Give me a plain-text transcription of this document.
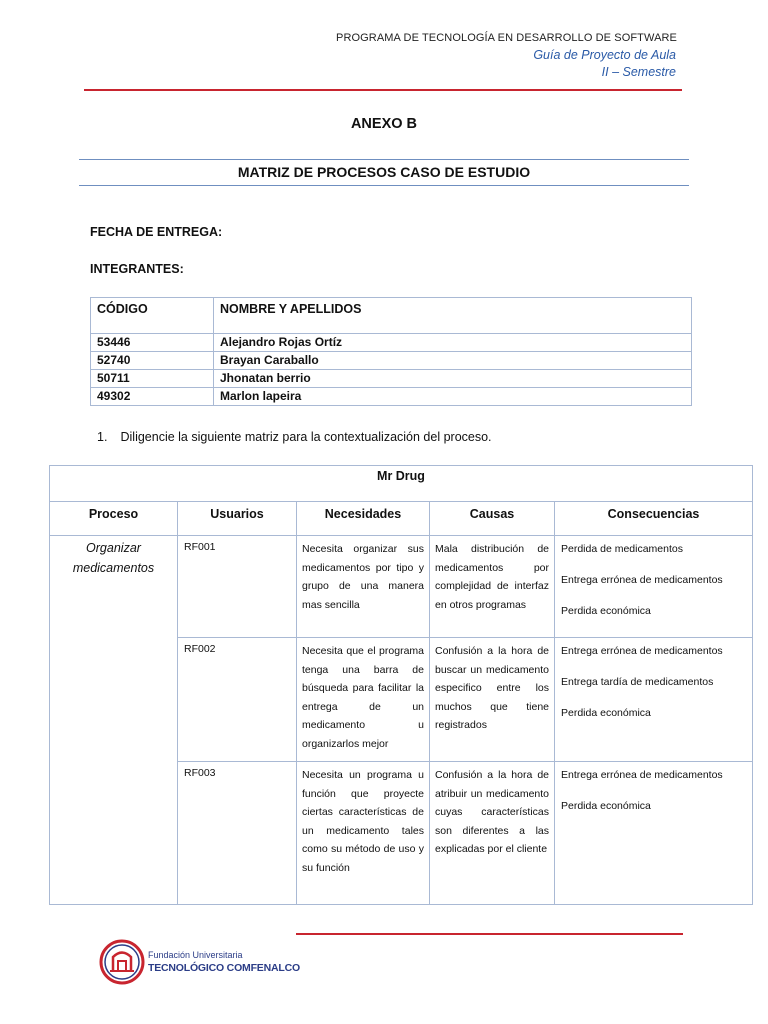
PROGRAMA DE TECNOLOGÍA EN DESARROLLO DE SOFTWARE
Guía de Proyecto de Aula
II – Semestre
ANEXO B
MATRIZ DE PROCESOS CASO DE ESTUDIO
FECHA DE ENTREGA:
INTEGRANTES:
CÓDIGO	NOMBRE Y APELLIDOS
53446	Alejandro Rojas Ortíz
52740	Brayan Caraballo
50711	Jhonatan berrio
49302	Marlon lapeira
1. Diligencie la siguiente matriz para la contextualización del proceso.
Mr Drug				
Proceso	Usuarios	Necesidades	Causas	Consecuencias
Organizar medicamentos	RF001	Necesita organizar sus medicamentos por tipo y grupo de una manera mas sencilla	Mala distribución de medicamentos por complejidad de interfaz en otros programas	Perdida de medicamentos
Entrega errónea de medicamentos
Perdida económica

	RF002	Necesita que el programa tenga una barra de búsqueda para facilitar la entrega de un medicamento u organizarlos mejor	Confusión a la hora de buscar un medicamento especifico entre los muchos que tiene registrados	Entrega errónea de medicamentos
Entrega tardía de medicamentos
Perdida económica

	RF003	Necesita un programa u función que proyecte ciertas características de un medicamento tales como su método de uso y su función	Confusión a la hora de atribuir un medicamento cuyas características son diferentes a las explicadas por el cliente	Entrega errónea de medicamentos
Perdida económica
Fundación Universitaria
TECNOLÓGICO COMFENALCO
